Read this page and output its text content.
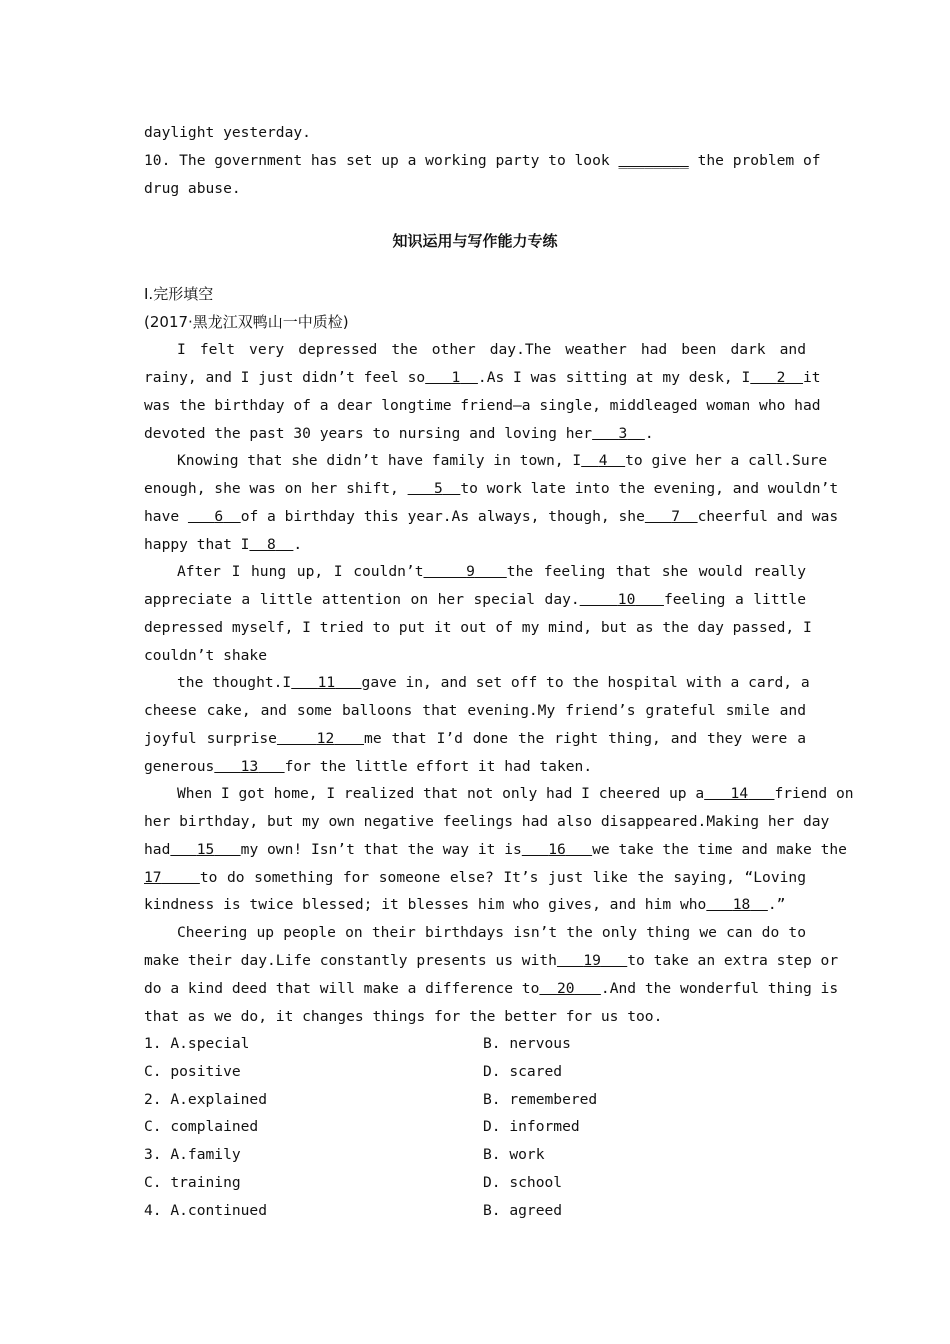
daylight yesterday.
10. The government has set up a working party to look ________ the problem of
drug abuse.
知识运用与写作能力专练
Ⅰ.完形填空
(2017·黑龙江双鸭山一中质检)
I felt very depressed the other day.The weather had been dark and
rainy, and I just didn’t feel so 1 .As I was sitting at my desk, I 2 it
was the birthday of a dear longtime friend—a single, middleaged woman who had
devoted the past 30 years to nursing and loving her 3 .
Knowing that she didn’t have family in town, I 4 to give her a call.Sure
enough, she was on her shift, 5 to work late into the evening, and wouldn’t
have 6 of a birthday this year.As always, though, she 7 cheerful and was
happy that I 8 .
After I hung up, I couldn’t	9 the feeling that she would really
appreciate a little attention on her special day.	10 feeling a little
depressed myself, I tried to put it out of my mind, but as the day passed, I
couldn’t shake
the thought.I 11 gave in, and set off to the hospital with a card, a
cheese cake, and some balloons that evening.My friend’s grateful smile and
joyful surprise	12 me that I’d done the right thing, and they were a
generous 13 for the little effort it had taken.
When I got home, I realized that not only had I cheered up a 14 friend on
her birthday, but my own negative feelings had also disappeared.Making her day
had 15 my own! Isn’t that the way it is 16 we take the time and make the
17	to do something for someone else? It’s just like the saying, “Loving
kindness is twice blessed; it blesses him who gives, and him who 18 .”
Cheering up people on their birthdays isn’t the only thing we can do to
make their day.Life constantly presents us with 19 to take an extra step or
do a kind deed that will make a difference to 20 .And the wonderful thing is
that as we do, it changes things for the better for us too.
1. A.special	B. nervous
C. positive	D. scared
2. A.explained	B. remembered
C. complained	D. informed
3. A.family	B. work
C. training	D. school
4. A.continued	B. agreed
